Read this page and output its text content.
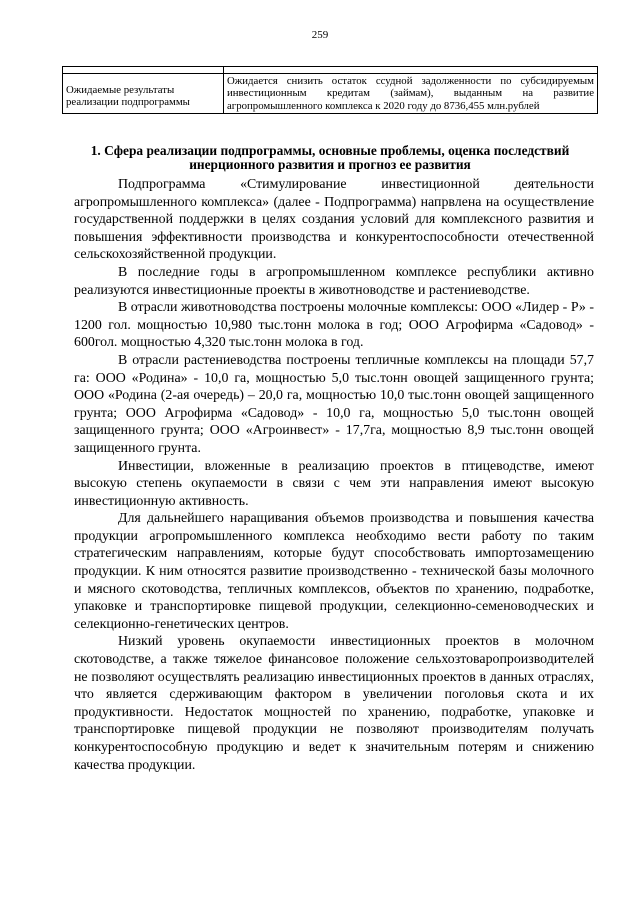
259

Ожидаемые результаты реализации подпрограммы	Ожидается снизить остаток ссудной задолженности по субсидируемым инвестиционным кредитам (займам), выданным на развитие агропромышленного комплекса к 2020 году до 8736,455 млн.рублей
1. Сфера реализации подпрограммы, основные проблемы, оценка последствий инерционного развития и прогноз ее развития

Подпрограмма «Стимулирование инвестиционной деятельности агропромышленного комплекса» (далее - Подпрограмма) напрвлена на осуществление государственной поддержки в целях создания условий для комплексного развития и повышения эффективности производства и конкурентоспособности отечественной сельскохозяйственной продукции.

В последние годы в агропромышленном комплексе республики активно реализуются инвестиционные проекты в животноводстве и растениеводстве.

В отрасли животноводства построены молочные комплексы: ООО «Лидер - Р» - 1200 гол. мощностью 10,980 тыс.тонн молока в год; ООО Агрофирма «Садовод» - 600гол. мощностью 4,320 тыс.тонн молока в год.

В отрасли растениеводства построены тепличные комплексы на площади 57,7 га: ООО «Родина» - 10,0 га, мощностью 5,0 тыс.тонн овощей защищенного грунта; ООО «Родина (2-ая очередь) – 20,0 га, мощностью 10,0 тыс.тонн овощей защищенного грунта; ООО Агрофирма «Садовод» - 10,0 га, мощностью 5,0 тыс.тонн овощей защищенного грунта; ООО «Агроинвест» - 17,7га, мощностью 8,9 тыс.тонн овощей защищенного грунта.

Инвестиции, вложенные в реализацию проектов в птицеводстве, имеют высокую степень окупаемости в связи с чем эти направления имеют высокую инвестиционную активность.

Для дальнейшего наращивания объемов производства и повышения качества продукции агропромышленного комплекса необходимо вести работу по таким стратегическим направлениям, которые будут способствовать импортозамещению продукции. К ним относятся развитие производственно - технической базы молочного и мясного скотоводства, тепличных комплексов, объектов по хранению, подработке, упаковке и транспортировке пищевой продукции, селекционно-семеноводческих и селекционно-генетических центров.

Низкий уровень окупаемости инвестиционных проектов в молочном скотоводстве, а также тяжелое финансовое положение сельхозтоваропроизводителей не позволяют осуществлять реализацию инвестиционных проектов в данных отраслях, что является сдерживающим фактором в увеличении поголовья скота и их продуктивности. Недостаток мощностей по хранению, подработке, упаковке и транспортировке пищевой продукции не позволяют производителям получать конкурентоспособную продукцию и ведет к значительным потерям и снижению качества продукции.
